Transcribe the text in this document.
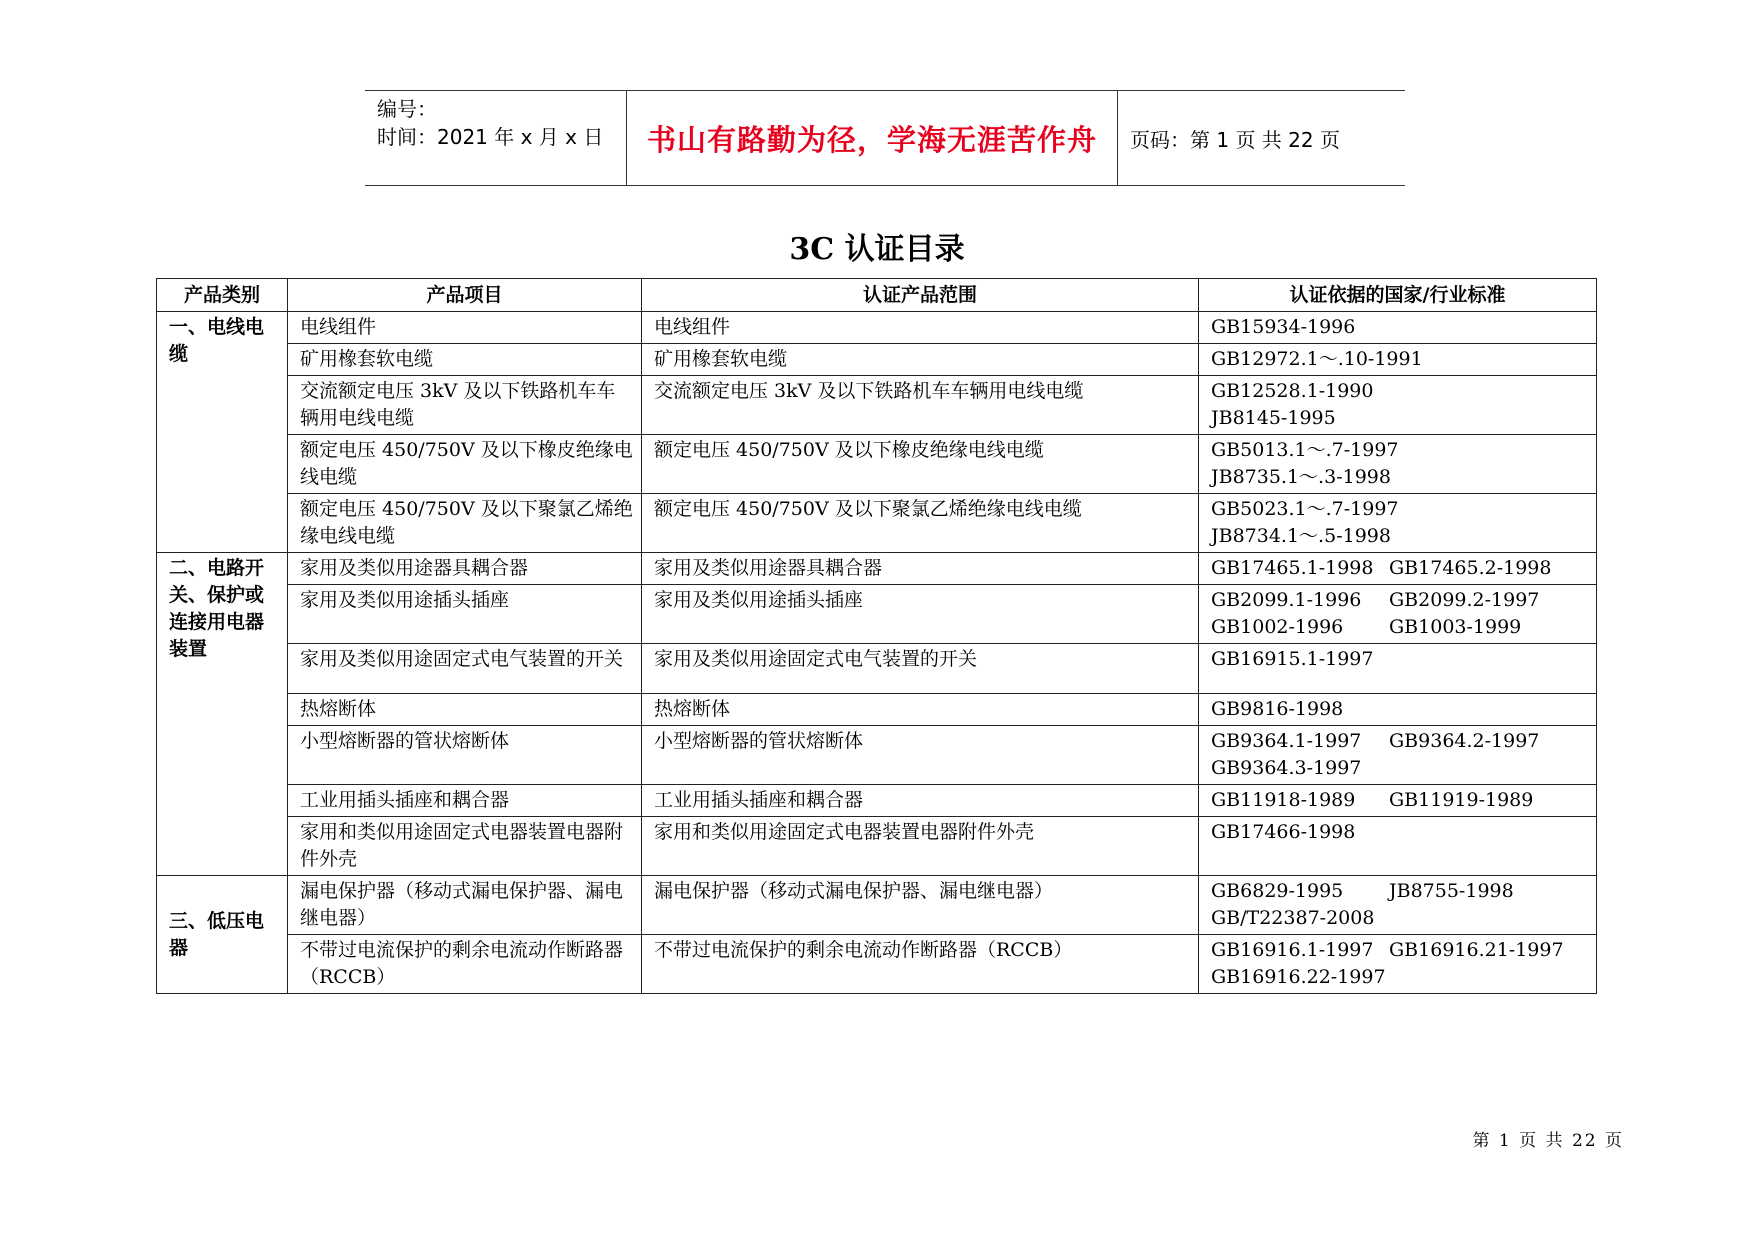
编号：
时间：2021 年 x 月 x 日	书山有路勤为径，学海无涯苦作舟	页码：第 1 页 共 22 页
3C 认证目录
产品类别	产品项目	认证产品范围	认证依据的国家/行业标准
一、电线电缆	电线组件	电线组件	GB15934-1996

	矿用橡套软电缆	矿用橡套软电缆	GB12972.1～.10-1991

	交流额定电压 3kV 及以下铁路机车车辆用电线电缆	交流额定电压 3kV 及以下铁路机车车辆用电线电缆	GB12528.1-1990
JB8145-1995

	额定电压 450/750V 及以下橡皮绝缘电线电缆	额定电压 450/750V 及以下橡皮绝缘电线电缆	GB5013.1～.7-1997
JB8735.1～.3-1998

	额定电压 450/750V 及以下聚氯乙烯绝缘电线电缆	额定电压 450/750V 及以下聚氯乙烯绝缘电线电缆	GB5023.1～.7-1997
JB8734.1～.5-1998

二、电路开关、保护或连接用电器装置	家用及类似用途器具耦合器	家用及类似用途器具耦合器	GB17465.1-1998 GB17465.2-1998

	家用及类似用途插头插座	家用及类似用途插头插座	GB2099.1-1996 GB2099.2-1997
GB1002-1996 GB1003-1999

	家用及类似用途固定式电气装置的开关	家用及类似用途固定式电气装置的开关	GB16915.1-1997

	热熔断体	热熔断体	GB9816-1998

	小型熔断器的管状熔断体	小型熔断器的管状熔断体	GB9364.1-1997 GB9364.2-1997
GB9364.3-1997

	工业用插头插座和耦合器	工业用插头插座和耦合器	GB11918-1989 GB11919-1989

	家用和类似用途固定式电器装置电器附件外壳	家用和类似用途固定式电器装置电器附件外壳	GB17466-1998

三、低压电器	漏电保护器（移动式漏电保护器、漏电继电器）	漏电保护器（移动式漏电保护器、漏电继电器）	GB6829-1995 JB8755-1998
GB/T22387-2008

	不带过电流保护的剩余电流动作断路器（RCCB）	不带过电流保护的剩余电流动作断路器（RCCB）	GB16916.1-1997 GB16916.21-1997
GB16916.22-1997
第 1 页 共 22 页
